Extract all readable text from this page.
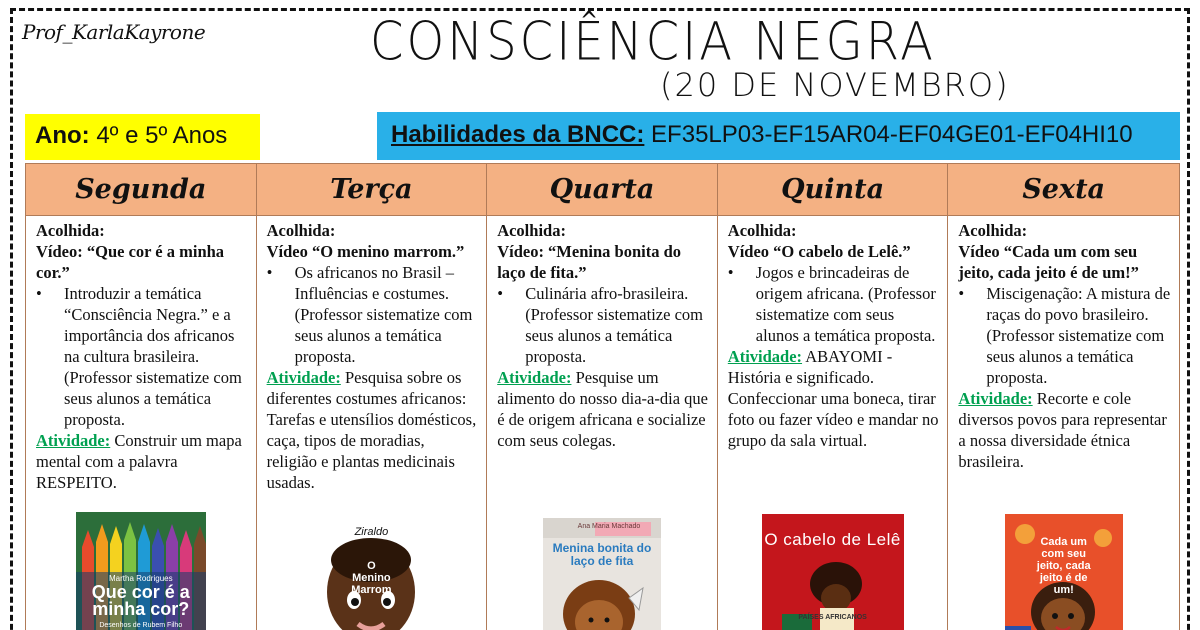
Prof_KarlaKayrone	CONSCIÊNCIA NEGRA
(20 DE NOVEMBRO)
Ano: 4º e 5º Anos	Habilidades da BNCC: EF35LP03-EF15AR04-EF04GE01-EF04HI10
Segunda
Acolhida:
Vídeo: “Que cor é a minha cor.”
• Introduzir a temática “Consciência Negra.” e a importância dos africanos na cultura brasileira. (Professor sistematize com seus alunos a temática proposta.
Atividade: Construir um mapa mental com a palavra RESPEITO.
Martha Rodrigues
Que cor é a minha cor?
Desenhos de Rubem Filho
Terça
Acolhida:
Vídeo “O menino marrom.”
• Os africanos no Brasil – Influências e costumes. (Professor sistematize com seus alunos a temática proposta.
Atividade: Pesquisa sobre os diferentes costumes africanos: Tarefas e utensílios domésticos, caça, tipos de moradias, religião e plantas medicinais usadas.
Ziraldo
O Menino Marrom
Quarta
Acolhida:
Vídeo: “Menina bonita do laço de fita.”
• Culinária afro-brasileira. (Professor sistematize com seus alunos a temática proposta.
Atividade: Pesquise um alimento do nosso dia-a-dia que é de origem africana e socialize com seus colegas.
Ana Maria Machado
Menina bonita do laço de fita
Quinta
Acolhida:
Vídeo “O cabelo de Lelê.”
• Jogos e brincadeiras de origem africana. (Professor sistematize com seus alunos a temática proposta.
Atividade: ABAYOMI - História e significado. Confeccionar uma boneca, tirar foto ou fazer vídeo e mandar no grupo da sala virtual.
O cabelo de Lelê
PAÍSES AFRICANOS
Sexta
Acolhida:
Vídeo “Cada um com seu jeito, cada jeito é de um!”
• Miscigenação: A mistura de raças do povo brasileiro. (Professor sistematize com seus alunos a temática proposta.
Atividade: Recorte e cole diversos povos para representar a nossa diversidade étnica brasileira.
Cada um com seu jeito, cada jeito é de um!
